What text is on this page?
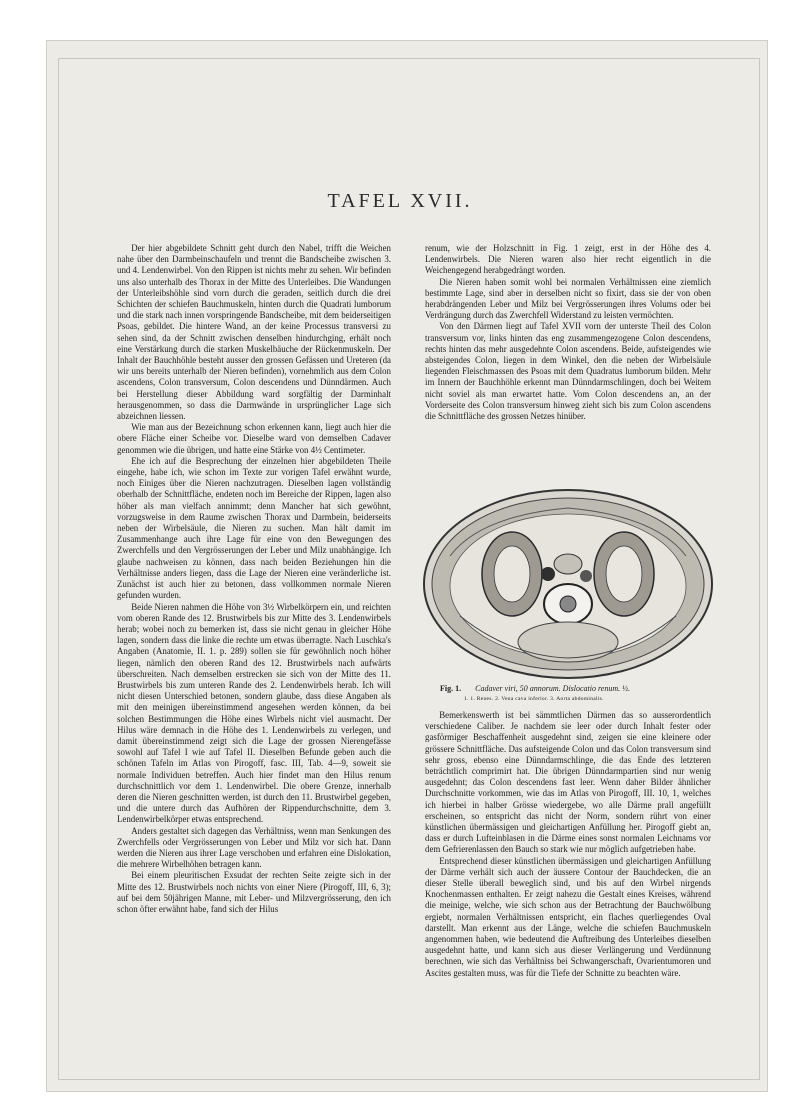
TAFEL XVII.

Der hier abgebildete Schnitt geht durch den Nabel, trifft die Weichen nahe über den Darmbeinschaufeln und trennt die Bandscheibe zwischen 3. und 4. Lendenwirbel. Von den Rippen ist nichts mehr zu sehen. Wir befinden uns also unterhalb des Thorax in der Mitte des Unterleibes. Die Wandungen der Unterleibshöhle sind vorn durch die geraden, seitlich durch die drei Schichten der schiefen Bauchmuskeln, hinten durch die Quadrati lumborum und die stark nach innen vorspringende Bandscheibe, mit dem beiderseitigen Psoas, gebildet. Die hintere Wand, an der keine Processus transversi zu sehen sind, da der Schnitt zwischen denselben hindurchging, erhält noch eine Verstärkung durch die starken Muskelbäuche der Rückenmuskeln. Der Inhalt der Bauchhöhle besteht ausser den grossen Gefässen und Ureteren (da wir uns bereits unterhalb der Nieren befinden), vornehmlich aus dem Colon ascendens, Colon transversum, Colon descendens und Dünndärmen. Auch bei Herstellung dieser Abbildung ward sorgfältig der Darminhalt herausgenommen, so dass die Darmwände in ursprünglicher Lage sich abzeichnen liessen.

Wie man aus der Bezeichnung schon erkennen kann, liegt auch hier die obere Fläche einer Scheibe vor. Dieselbe ward von demselben Cadaver genommen wie die übrigen, und hatte eine Stärke von 4½ Centimeter.

Ehe ich auf die Besprechung der einzelnen hier abgebildeten Theile eingehe, habe ich, wie schon im Texte zur vorigen Tafel erwähnt wurde, noch Einiges über die Nieren nachzutragen. Dieselben lagen vollständig oberhalb der Schnittfläche, endeten noch im Bereiche der Rippen, lagen also höher als man vielfach annimmt; denn Mancher hat sich gewöhnt, vorzugsweise in dem Raume zwischen Thorax und Darmbein, beiderseits neben der Wirbelsäule, die Nieren zu suchen. Man hält damit im Zusammenhange auch ihre Lage für eine von den Bewegungen des Zwerchfells und den Vergrösserungen der Leber und Milz unabhängige. Ich glaube nachweisen zu können, dass nach beiden Beziehungen hin die Verhältnisse anders liegen, dass die Lage der Nieren eine veränderliche ist. Zunächst ist auch hier zu betonen, dass vollkommen normale Nieren gefunden wurden.

Beide Nieren nahmen die Höhe von 3½ Wirbelkörpern ein, und reichten vom oberen Rande des 12. Brustwirbels bis zur Mitte des 3. Lendenwirbels herab; wobei noch zu bemerken ist, dass sie nicht genau in gleicher Höhe lagen, sondern dass die linke die rechte um etwas überragte. Nach Luschka's Angaben (Anatomie, II. 1. p. 289) sollen sie für gewöhnlich noch höher liegen, nämlich den oberen Rand des 12. Brustwirbels nach aufwärts überschreiten. Nach demselben erstrecken sie sich von der Mitte des 11. Brustwirbels bis zum unteren Rande des 2. Lendenwirbels herab. Ich will nicht diesen Unterschied betonen, sondern glaube, dass diese Angaben als mit den meinigen übereinstimmend angesehen werden können, da bei solchen Bestimmungen die Höhe eines Wirbels nicht viel ausmacht. Der Hilus wäre demnach in die Höhe des 1. Lendenwirbels zu verlegen, und damit übereinstimmend zeigt sich die Lage der grossen Nierengefässe sowohl auf Tafel I wie auf Tafel II. Dieselben Befunde geben auch die schönen Tafeln im Atlas von Pirogoff, fasc. III, Tab. 4—9, soweit sie normale Individuen betreffen. Auch hier findet man den Hilus renum durchschnittlich vor dem 1. Lendenwirbel. Die obere Grenze, innerhalb deren die Nieren geschnitten werden, ist durch den 11. Brustwirbel gegeben, und die untere durch das Aufhören der Rippendurchschnitte, dem 3. Lendenwirbelkörper etwas entsprechend.

Anders gestaltet sich dagegen das Verhältniss, wenn man Senkungen des Zwerchfells oder Vergrösserungen von Leber und Milz vor sich hat. Dann werden die Nieren aus ihrer Lage verschoben und erfahren eine Dislokation, die mehrere Wirbelhöhen betragen kann.

Bei einem pleuritischen Exsudat der rechten Seite zeigte sich in der Mitte des 12. Brustwirbels noch nichts von einer Niere (Pirogoff, III, 6, 3); auf bei dem 50jährigen Manne, mit Leber- und Milzvergrösserung, den ich schon öfter erwähnt habe, fand sich der Hilus

renum, wie der Holzschnitt in Fig. 1 zeigt, erst in der Höhe des 4. Lendenwirbels. Die Nieren waren also hier recht eigentlich in die Weichengegend herabgedrängt worden.

Die Nieren haben somit wohl bei normalen Verhältnissen eine ziemlich bestimmte Lage, sind aber in derselben nicht so fixirt, dass sie der von oben herabdrängenden Leber und Milz bei Vergrösserungen ihres Volums oder bei Verdrängung durch das Zwerchfell Widerstand zu leisten vermöchten.

Von den Därmen liegt auf Tafel XVII vorn der unterste Theil des Colon transversum vor, links hinten das eng zusammengezogene Colon descendens, rechts hinten das mehr ausgedehnte Colon ascendens. Beide, aufsteigendes wie absteigendes Colon, liegen in dem Winkel, den die neben der Wirbelsäule liegenden Fleischmassen des Psoas mit dem Quadratus lumborum bilden. Mehr im Innern der Bauchhöhle erkennt man Dünndarmschlingen, doch bei Weitem nicht soviel als man erwartet hatte. Vom Colon descendens an, an der Vorderseite des Colon transversum hinweg zieht sich bis zum Colon ascendens die Schnittfläche des grossen Netzes hinüber.

Fig. 1. Cadaver viri, 50 annorum. Dislocatio renum. ½.
1. 1. Renes. 2. Vena cava inferior. 3. Aorta abdominalis.

Bemerkenswerth ist bei sämmtlichen Därmen das so ausserordentlich verschiedene Caliber. Je nachdem sie leer oder durch Inhalt fester oder gasförmiger Beschaffenheit ausgedehnt sind, zeigen sie eine kleinere oder grössere Schnittfläche. Das aufsteigende Colon und das Colon transversum sind sehr gross, ebenso eine Dünndarmschlinge, die das Ende des letzteren beträchtlich comprimirt hat. Die übrigen Dünndarmpartien sind nur wenig ausgedehnt; das Colon descendens fast leer. Wenn daher Bilder ähnlicher Durchschnitte vorkommen, wie das im Atlas von Pirogoff, III. 10, 1, welches ich hierbei in halber Grösse wiedergebe, wo alle Därme prall angefüllt erscheinen, so entspricht das nicht der Norm, sondern rührt von einer künstlichen übermässigen und gleichartigen Anfüllung her. Pirogoff giebt an, dass er durch Lufteinblasen in die Därme eines sonst normalen Leichnams vor dem Gefrierenlassen den Bauch so stark wie nur möglich aufgetrieben habe.

Entsprechend dieser künstlichen übermässigen und gleichartigen Anfüllung der Därme verhält sich auch der äussere Contour der Bauchdecken, die an dieser Stelle überall beweglich sind, und bis auf den Wirbel nirgends Knochenmassen enthalten. Er zeigt nahezu die Gestalt eines Kreises, während die meinige, welche, wie sich schon aus der Betrachtung der Bauchwölbung ergiebt, normalen Verhältnissen entspricht, ein flaches querliegendes Oval darstellt. Man erkennt aus der Länge, welche die schiefen Bauchmuskeln angenommen haben, wie bedeutend die Auftreibung des Unterleibes dieselben ausgedehnt hatte, und kann sich aus dieser Verlängerung und Verdünnung berechnen, wie sich das Verhältniss bei Schwangerschaft, Ovarientumoren und Ascites gestalten muss, was für die Tiefe der Schnitte zu beachten wäre.
